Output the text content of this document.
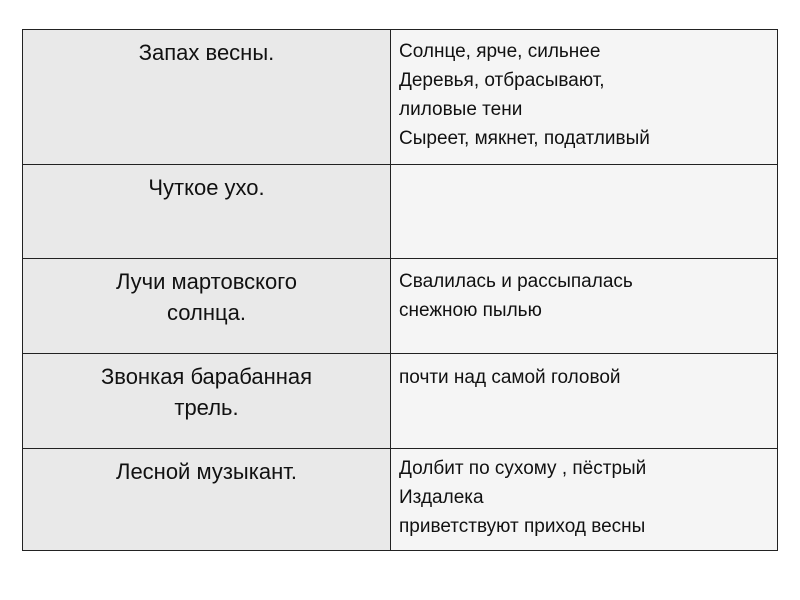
Запах весны.	Солнце, ярче, сильнее
Деревья, отбрасывают,
лиловые тени
Сыреет, мякнет, податливый

Чуткое ухо.	

Лучи мартовского
солнца.	Свалилась и рассыпалась
снежною пылью

Звонкая барабанная
трель.	почти над самой головой

Лесной музыкант.	Долбит по сухому , пёстрый
Издалека
приветствуют приход весны
